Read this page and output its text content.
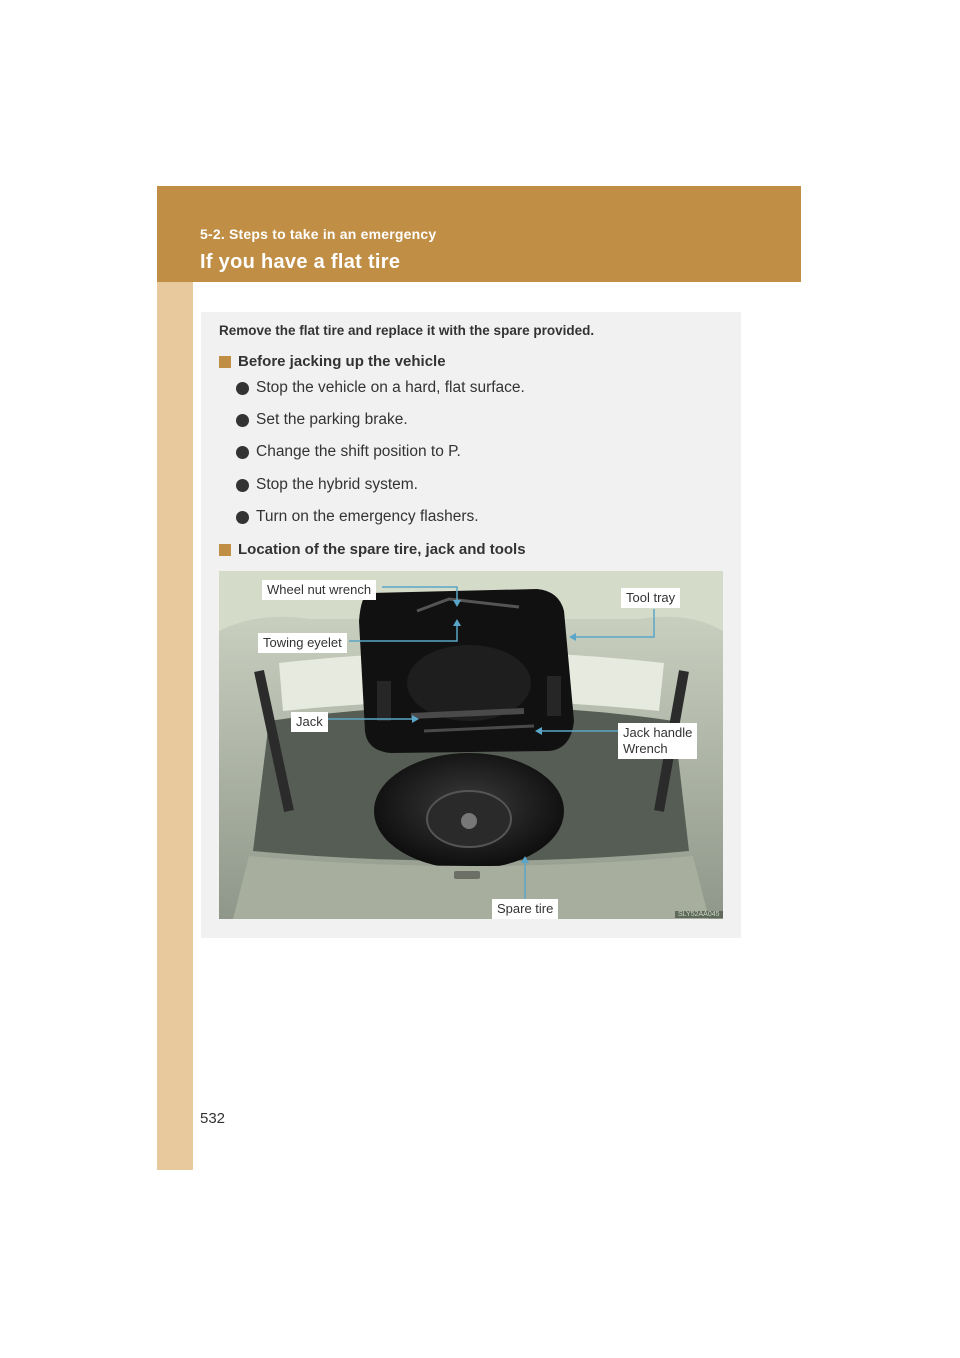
5-2. Steps to take in an emergency
If you have a flat tire
Remove the flat tire and replace it with the spare provided.
Before jacking up the vehicle
Stop the vehicle on a hard, flat surface.
Set the parking brake.
Change the shift position to P.
Stop the hybrid system.
Turn on the emergency flashers.
Location of the spare tire, jack and tools
Wheel nut wrench
Tool tray
Towing eyelet
Jack
Jack handle
Wrench
Spare tire	SLY52AA045
532
